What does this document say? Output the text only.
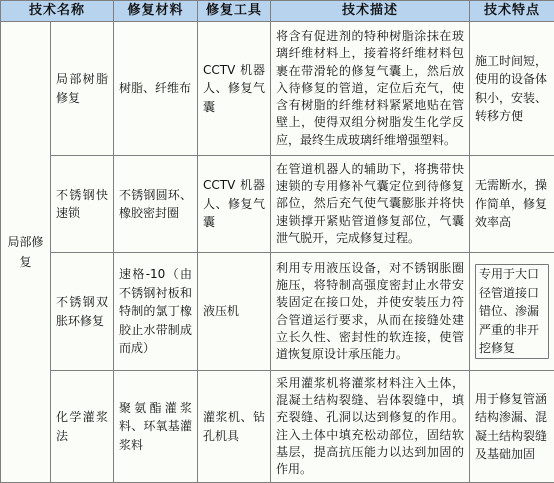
技术名称		修复材料	修复工具	技术描述	技术特点
局部修复	局部树脂修复	树脂、纤维布	CCTV 机器人、修复气囊	将含有促进剂的特种树脂涂抹在玻璃纤维材料上，接着将纤维材料包裹在带滑轮的修复气囊上，然后放入待修复的管道，定位后充气，使含有树脂的纤维材料紧紧地贴在管壁上，使得双组分树脂发生化学反应，最终生成玻璃纤维增强塑料。	施工时间短，使用的设备体积小，安装、转移方便
	不锈钢快速锁	不锈钢圆环、橡胶密封圈	CCTV 机器人、修复气囊	在管道机器人的辅助下，将携带快速锁的专用修补气囊定位到待修复部位，然后充气使气囊膨胀并将快速锁撑开紧贴管道修复部位，气囊泄气脱开，完成修复过程。	无需断水，操作简单，修复效率高
	不锈钢双胀环修复	速格-10（由不锈钢衬板和特制的氯丁橡胶止水带制成而成）	液压机	利用专用液压设备，对不锈钢胀圈施压，将特制高强度密封止水带安装固定在接口处，并使安装压力符合管道运行要求，从而在接缝处建立长久性、密封性的软连接，使管道恢复原设计承压能力。	专用于大口径管道接口错位、渗漏严重的非开挖修复

	化学灌浆法	聚氨酯灌浆料、环氧基灌浆料	灌浆机、钻孔机具	采用灌浆机将灌浆材料注入土体，混凝土结构裂缝、岩体裂缝中，填充裂缝、孔洞以达到修复的作用。注入土体中填充松动部位，固结软基层，提高抗压能力以达到加固的作用。	用于修复管涵结构渗漏、混凝土结构裂缝及基础加固
